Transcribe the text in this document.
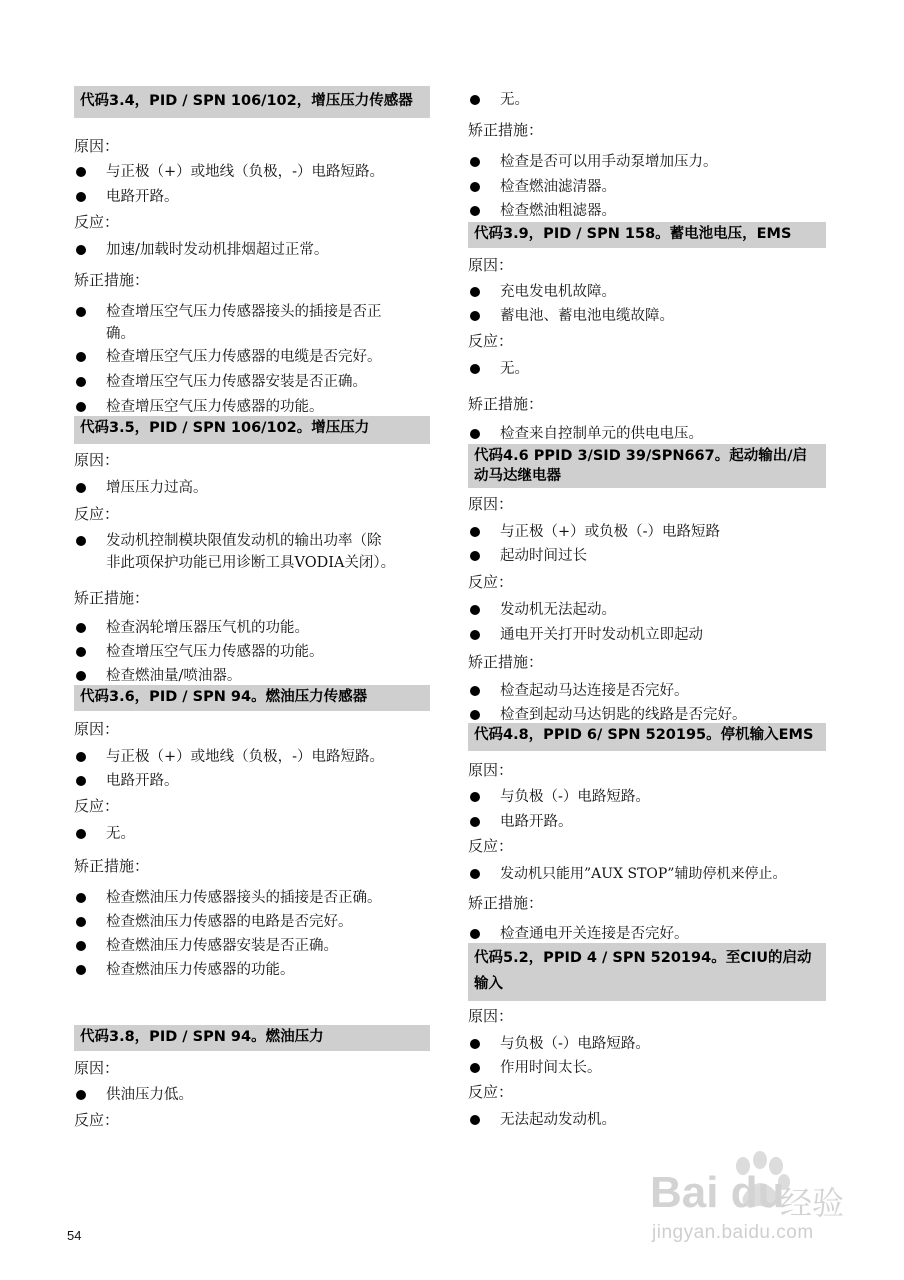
代码3.4，PID / SPN 106/102，增压压力传感器
原因：
与正极（+）或地线（负极，-）电路短路。
电路开路。
反应：
加速/加载时发动机排烟超过正常。
矫正措施：
检查增压空气压力传感器接头的插接是否正
确。
检查增压空气压力传感器的电缆是否完好。
检查增压空气压力传感器安装是否正确。
检查增压空气压力传感器的功能。
代码3.5，PID / SPN 106/102。增压压力
原因：
增压压力过高。
反应：
发动机控制模块限值发动机的输出功率（除
非此项保护功能已用诊断工具VODIA关闭）。
矫正措施：
检查涡轮增压器压气机的功能。
检查增压空气压力传感器的功能。
检查燃油量/喷油器。
代码3.6，PID / SPN 94。燃油压力传感器
原因：
与正极（+）或地线（负极，-）电路短路。
电路开路。
反应：
无。
矫正措施：
检查燃油压力传感器接头的插接是否正确。
检查燃油压力传感器的电路是否完好。
检查燃油压力传感器安装是否正确。
检查燃油压力传感器的功能。
代码3.8，PID / SPN 94。燃油压力
原因：
供油压力低。
反应：
无。
矫正措施：
检查是否可以用手动泵增加压力。
检查燃油滤清器。
检查燃油粗滤器。
代码3.9，PID / SPN 158。蓄电池电压，EMS
原因：
充电发电机故障。
蓄电池、蓄电池电缆故障。
反应：
无。
矫正措施：
检查来自控制单元的供电电压。
代码4.6 PPID 3/SID 39/SPN667。起动输出/启
动马达继电器
原因：
与正极（+）或负极（-）电路短路
起动时间过长
反应：
发动机无法起动。
通电开关打开时发动机立即起动
矫正措施：
检查起动马达连接是否完好。
检查到起动马达钥匙的线路是否完好。
代码4.8，PPID 6/ SPN 520195。停机输入EMS
原因：
与负极（-）电路短路。
电路开路。
反应：
发动机只能用”AUX STOP”辅助停机来停止。
矫正措施：
检查通电开关连接是否完好。
代码5.2，PPID 4 / SPN 520194。至CIU的启动
输入
原因：
与负极（-）电路短路。
作用时间太长。
反应：
无法起动发动机。
54
Bai du
经验
jingyan.baidu.com
